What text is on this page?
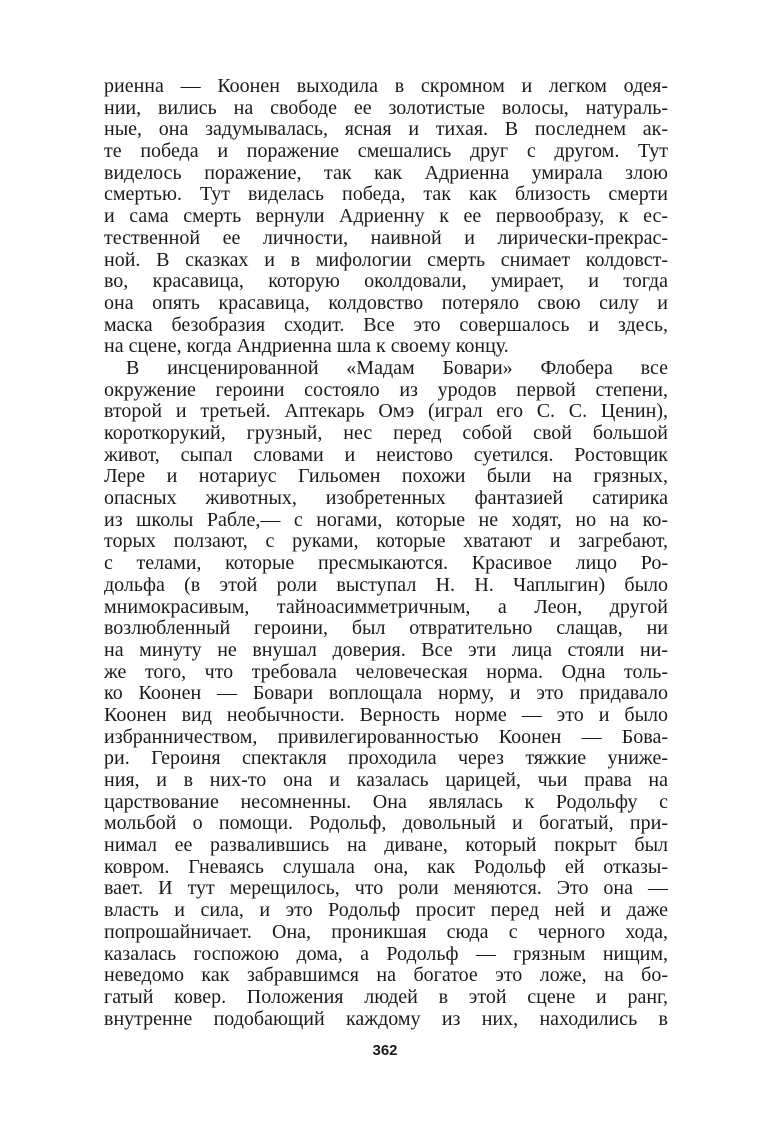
риенна — Коонен выходила в скромном и легком одея-
нии, вились на свободе ее золотистые волосы, натураль-
ные, она задумывалась, ясная и тихая. В последнем ак-
те победа и поражение смешались друг с другом. Тут
виделось поражение, так как Адриенна умирала злою
смертью. Тут виделась победа, так как близость смерти
и сама смерть вернули Адриенну к ее первообразу, к ес-
тественной ее личности, наивной и лирически-прекрас-
ной. В сказках и в мифологии смерть снимает колдовст-
во, красавица, которую околдовали, умирает, и тогда
она опять красавица, колдовство потеряло свою силу и
маска безобразия сходит. Все это совершалось и здесь,
на сцене, когда Андриенна шла к своему концу.
В инсценированной «Мадам Бовари» Флобера все
окружение героини состояло из уродов первой степени,
второй и третьей. Аптекарь Омэ (играл его С. С. Ценин),
короткорукий, грузный, нес перед собой свой большой
живот, сыпал словами и неистово суетился. Ростовщик
Лере и нотариус Гильомен похожи были на грязных,
опасных животных, изобретенных фантазией сатирика
из школы Рабле,— с ногами, которые не ходят, но на ко-
торых ползают, с руками, которые хватают и загребают,
с телами, которые пресмыкаются. Красивое лицо Ро-
дольфа (в этой роли выступал Н. Н. Чаплыгин) было
мнимокрасивым, тайноасимметричным, а Леон, другой
возлюбленный героини, был отвратительно слащав, ни
на минуту не внушал доверия. Все эти лица стояли ни-
же того, что требовала человеческая норма. Одна толь-
ко Коонен — Бовари воплощала норму, и это придавало
Коонен вид необычности. Верность норме — это и было
избранничеством, привилегированностью Коонен — Бова-
ри. Героиня спектакля проходила через тяжкие униже-
ния, и в них-то она и казалась царицей, чьи права на
царствование несомненны. Она являлась к Родольфу с
мольбой о помощи. Родольф, довольный и богатый, при-
нимал ее развалившись на диване, который покрыт был
ковром. Гневаясь слушала она, как Родольф ей отказы-
вает. И тут мерещилось, что роли меняются. Это она —
власть и сила, и это Родольф просит перед ней и даже
попрошайничает. Она, проникшая сюда с черного хода,
казалась госпожою дома, а Родольф — грязным нищим,
неведомо как забравшимся на богатое это ложе, на бо-
гатый ковер. Положения людей в этой сцене и ранг,
внутренне подобающий каждому из них, находились в
362
